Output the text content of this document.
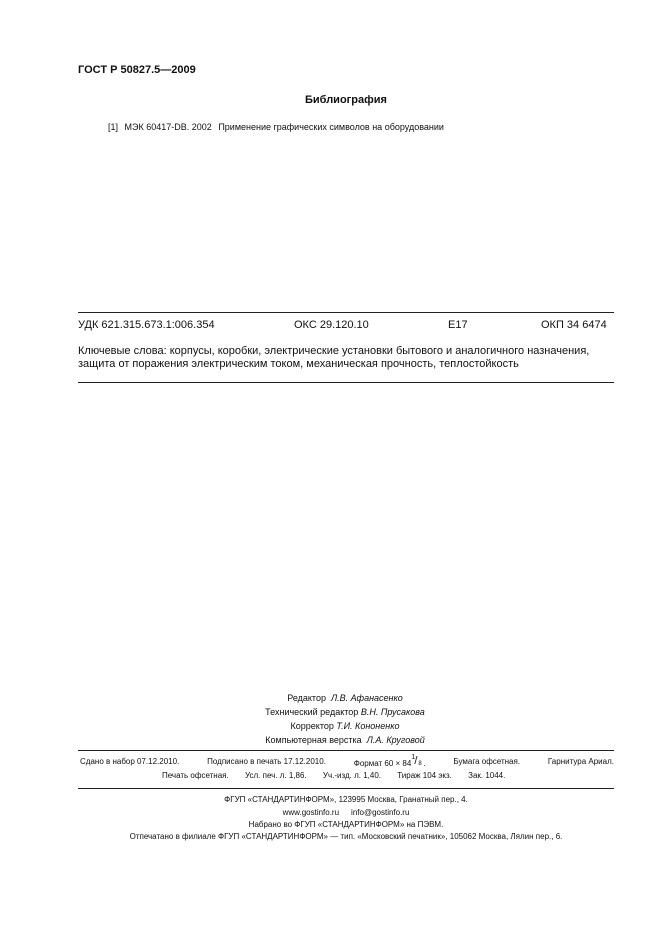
ГОСТ Р 50827.5—2009
Библиография
[1] МЭК 60417-DB. 2002 Применение графических символов на оборудовании
УДК 621.315.673.1:006.354	ОКС 29.120.10	Е17	ОКП 34 6474
Ключевые слова: корпусы, коробки, электрические установки бытового и аналогичного назначения,
защита от поражения электрическим током, механическая прочность, теплостойкость
Редактор Л.В. Афанасенко
Технический редактор В.Н. Прусакова
Корректор Т.И. Кононенко
Компьютерная верстка Л.А. Круговой
Сдано в набор 07.12.2010.	Подписано в печать 17.12.2010.	Формат 60 × 84
1 / 8 .	Бумага офсетная.	Гарнитура Ариал.
Печать офсетная. Усл. печ. л. 1,86. Уч.-изд. л. 1,40. Тираж 104 экз. Зак. 1044.
ФГУП «СТАНДАРТИНФОРМ», 123995 Москва, Гранатный пер., 4.
www.gostinfo.ru info@gostinfo.ru
Набрано во ФГУП «СТАНДАРТИНФОРМ» на ПЭВМ.
Отпечатано в филиале ФГУП «СТАНДАРТИНФОРМ» — тип. «Московский печатник», 105062 Москва, Лялин пер., 6.
